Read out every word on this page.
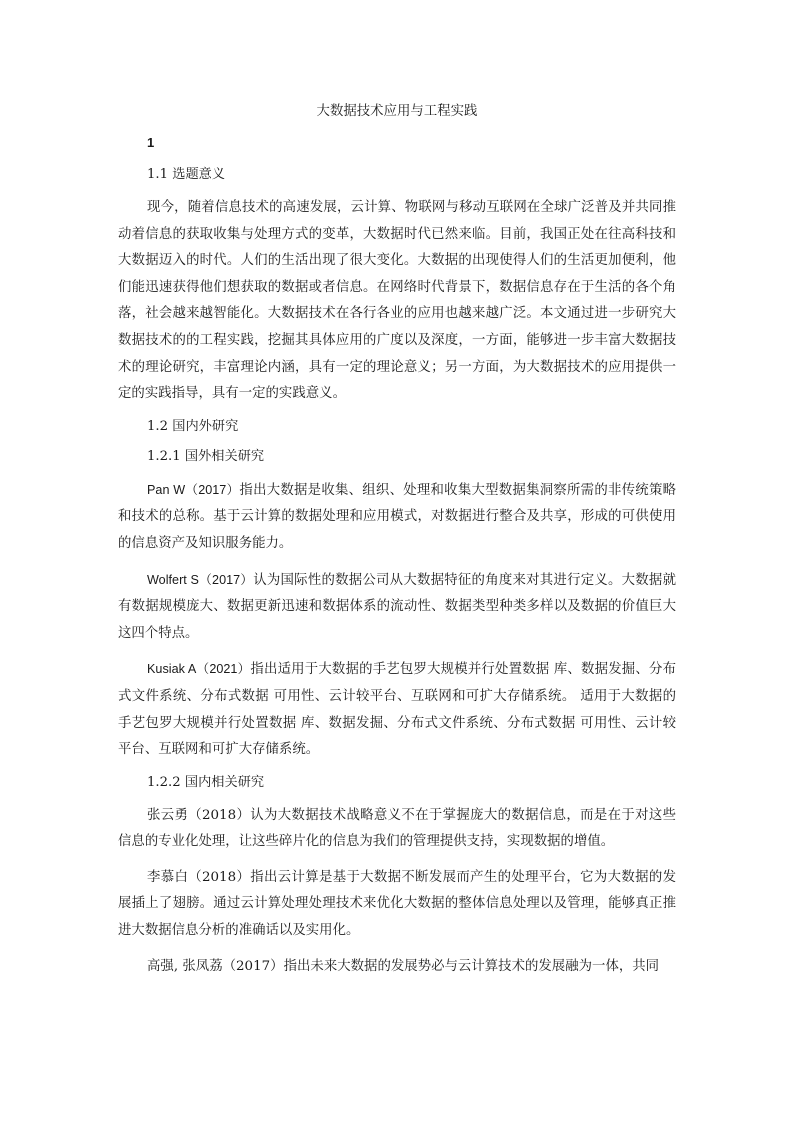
大数据技术应用与工程实践
1
1.1 选题意义

现今，随着信息技术的高速发展，云计算、物联网与移动互联网在全球广泛普及并共同推动着信息的获取收集与处理方式的变革，大数据时代已然来临。目前，我国正处在往高科技和大数据迈入的时代。人们的生活出现了很大变化。大数据的出现使得人们的生活更加便利，他们能迅速获得他们想获取的数据或者信息。在网络时代背景下，数据信息存在于生活的各个角落，社会越来越智能化。大数据技术在各行各业的应用也越来越广泛。本文通过进一步研究大数据技术的的工程实践，挖掘其具体应用的广度以及深度，一方面，能够进一步丰富大数据技术的理论研究，丰富理论内涵，具有一定的理论意义；另一方面，为大数据技术的应用提供一定的实践指导，具有一定的实践意义。

1.2 国内外研究
1.2.1 国外相关研究

Pan W（2017）指出大数据是收集、组织、处理和收集大型数据集洞察所需的非传统策略和技术的总称。基于云计算的数据处理和应用模式，对数据进行整合及共享，形成的可供使用的信息资产及知识服务能力。

Wolfert S（2017）认为国际性的数据公司从大数据特征的角度来对其进行定义。大数据就有数据规模庞大、数据更新迅速和数据体系的流动性、数据类型种类多样以及数据的价值巨大这四个特点。

Kusiak A（2021）指出适用于大数据的手艺包罗大规模并行处置数据 库、数据发掘、分布式文件系统、分布式数据 可用性、云计较平台、互联网和可扩大存储系统。 适用于大数据的手艺包罗大规模并行处置数据 库、数据发掘、分布式文件系统、分布式数据 可用性、云计较平台、互联网和可扩大存储系统。

1.2.2 国内相关研究

张云勇（2018）认为大数据技术战略意义不在于掌握庞大的数据信息，而是在于对这些信息的专业化处理，让这些碎片化的信息为我们的管理提供支持，实现数据的增值。

李慕白（2018）指出云计算是基于大数据不断发展而产生的处理平台，它为大数据的发展插上了翅膀。通过云计算处理处理技术来优化大数据的整体信息处理以及管理，能够真正推进大数据信息分析的准确话以及实用化。

高强, 张凤荔（2017）指出未来大数据的发展势必与云计算技术的发展融为一体，共同
